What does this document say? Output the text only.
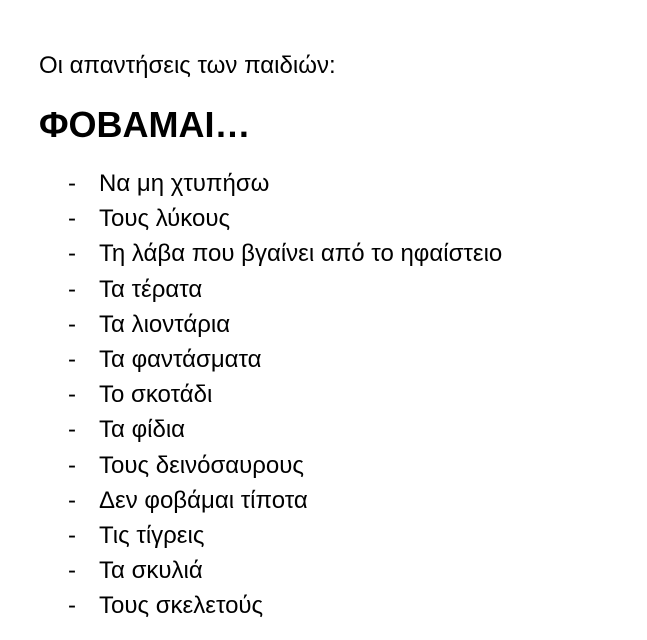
Οι απαντήσεις των παιδιών:
ΦΟΒΑΜΑΙ…
- Να μη χτυπήσω
- Τους λύκους
- Τη λάβα που βγαίνει από το ηφαίστειο
- Τα τέρατα
- Τα λιοντάρια
- Τα φαντάσματα
- Το σκοτάδι
- Τα φίδια
- Τους δεινόσαυρους
- Δεν φοβάμαι τίποτα
- Τις τίγρεις
- Τα σκυλιά
- Τους σκελετούς
